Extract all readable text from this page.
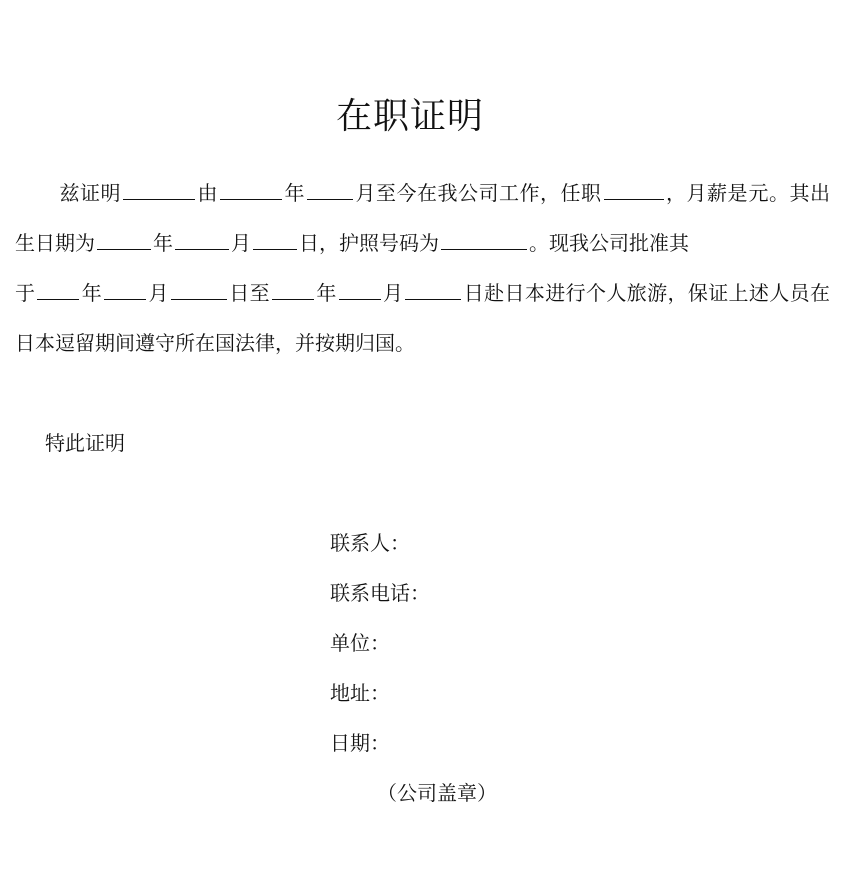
在职证明
兹证明	由	年	月至今在我公司工作，任职	，月薪是元。其出生日期为	年	月 日，护照号码为	。现我公司批准其
于 年 月	日至 年 月	日赴日本进行个人旅游，保证上述人员在日本逗留期间遵守所在国法律，并按期归国。
特此证明
联系人：
联系电话：
单位：
地址：
日期：
（公司盖章）
